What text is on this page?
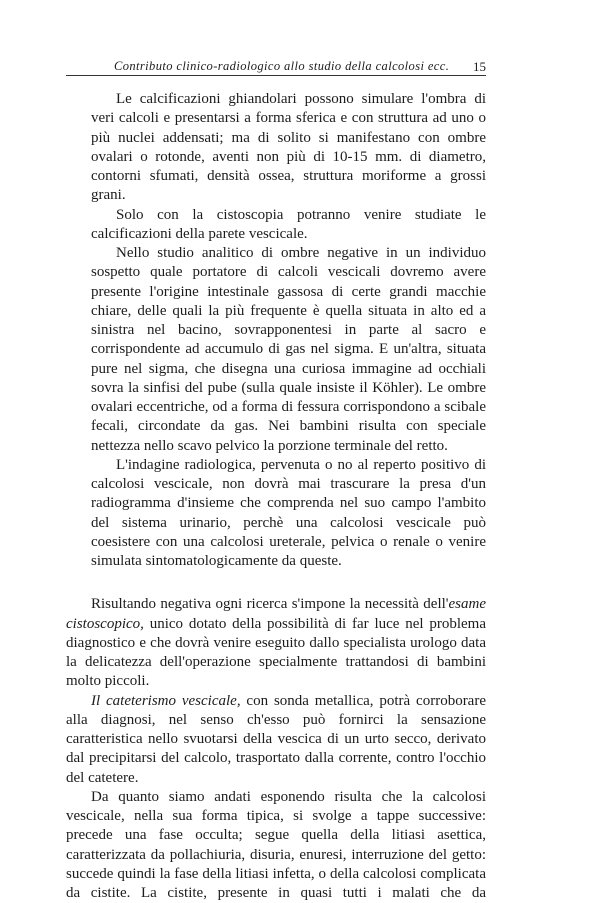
Contributo clinico-radiologico allo studio della calcolosi ecc. 15

Le calcificazioni ghiandolari possono simulare l'ombra di veri calcoli e presentarsi a forma sferica e con struttura ad uno o più nuclei addensati; ma di solito si manifestano con ombre ovalari o rotonde, aventi non più di 10-15 mm. di diametro, contorni sfumati, densità ossea, struttura moriforme a grossi grani.

Solo con la cistoscopia potranno venire studiate le calcificazioni della parete vescicale.

Nello studio analitico di ombre negative in un individuo sospetto quale portatore di calcoli vescicali dovremo avere presente l'origine intestinale gassosa di certe grandi macchie chiare, delle quali la più frequente è quella situata in alto ed a sinistra nel bacino, sovrapponentesi in parte al sacro e corrispondente ad accumulo di gas nel sigma. E un'altra, situata pure nel sigma, che disegna una curiosa immagine ad occhiali sovra la sinfisi del pube (sulla quale insiste il Köhler). Le ombre ovalari eccentriche, od a forma di fessura corrispondono a scibale fecali, circondate da gas. Nei bambini risulta con speciale nettezza nello scavo pelvico la porzione terminale del retto.

L'indagine radiologica, pervenuta o no al reperto positivo di calcolosi vescicale, non dovrà mai trascurare la presa d'un radiogramma d'insieme che comprenda nel suo campo l'ambito del sistema urinario, perchè una calcolosi vescicale può coesistere con una calcolosi ureterale, pelvica o renale o venire simulata sintomatologicamente da queste.

Risultando negativa ogni ricerca s'impone la necessità dell'esame cistoscopico, unico dotato della possibilità di far luce nel problema diagnostico e che dovrà venire eseguito dallo specialista urologo data la delicatezza dell'operazione specialmente trattandosi di bambini molto piccoli.

Il cateterismo vescicale, con sonda metallica, potrà corroborare alla diagnosi, nel senso ch'esso può fornirci la sensazione caratteristica nello svuotarsi della vescica di un urto secco, derivato dal precipitarsi del calcolo, trasportato dalla corrente, contro l'occhio del catetere.

Da quanto siamo andati esponendo risulta che la calcolosi vescicale, nella sua forma tipica, si svolge a tappe successive: precede una fase occulta; segue quella della litiasi asettica, caratterizzata da pollachiuria, disuria, enuresi, interruzione del getto: succede quindi la fase della litiasi infetta, o della calcolosi complicata da cistite. La cistite, presente in quasi tutti i malati che da
